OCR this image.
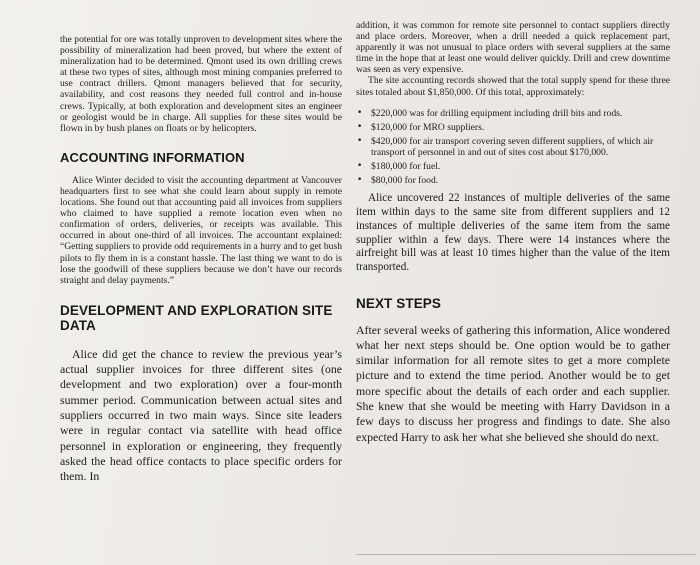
the potential for ore was totally unproven to development sites where the possibility of mineralization had been proved, but where the extent of mineralization had to be determined. Qmont used its own drilling crews at these two types of sites, although most mining companies preferred to use contract drillers. Qmont managers believed that for security, availability, and cost reasons they needed full control and in-house crews. Typically, at both exploration and development sites an engineer or geologist would be in charge. All supplies for these sites would be flown in by bush planes on floats or by helicopters.

ACCOUNTING INFORMATION

Alice Winter decided to visit the accounting department at Vancouver headquarters first to see what she could learn about supply in remote locations. She found out that accounting paid all invoices from suppliers who claimed to have supplied a remote location even when no confirmation of orders, deliveries, or receipts was available. This occurred in about one-third of all invoices. The accountant explained: “Getting suppliers to provide odd requirements in a hurry and to get bush pilots to fly them in is a constant hassle. The last thing we want to do is lose the goodwill of these suppliers because we don’t have our records straight and delay payments.”

DEVELOPMENT AND EXPLORATION SITE DATA

Alice did get the chance to review the previous year’s actual supplier invoices for three different sites (one development and two exploration) over a four-month summer period. Communication between actual sites and suppliers occurred in two main ways. Since site leaders were in regular contact via satellite with head office personnel in exploration or engineering, they frequently asked the head office contacts to place specific orders for them. In

addition, it was common for remote site personnel to contact suppliers directly and place orders. Moreover, when a drill needed a quick replacement part, apparently it was not unusual to place orders with several suppliers at the same time in the hope that at least one would deliver quickly. Drill and crew downtime was seen as very expensive.

The site accounting records showed that the total supply spend for these three sites totaled about $1,850,000. Of this total, approximately:

• $220,000 was for drilling equipment including drill bits and rods.
• $120,000 for MRO suppliers.
• $420,000 for air transport covering seven different suppliers, of which air transport of personnel in and out of sites cost about $170,000.
• $180,000 for fuel.
• $80,000 for food.

Alice uncovered 22 instances of multiple deliveries of the same item within days to the same site from different suppliers and 12 instances of multiple deliveries of the same item from the same supplier within a few days. There were 14 instances where the airfreight bill was at least 10 times higher than the value of the item transported.

NEXT STEPS

After several weeks of gathering this information, Alice wondered what her next steps should be. One option would be to gather similar information for all remote sites to get a more complete picture and to extend the time period. Another would be to get more specific about the details of each order and each supplier. She knew that she would be meeting with Harry Davidson in a few days to discuss her progress and findings to date. She also expected Harry to ask her what she believed she should do next.
